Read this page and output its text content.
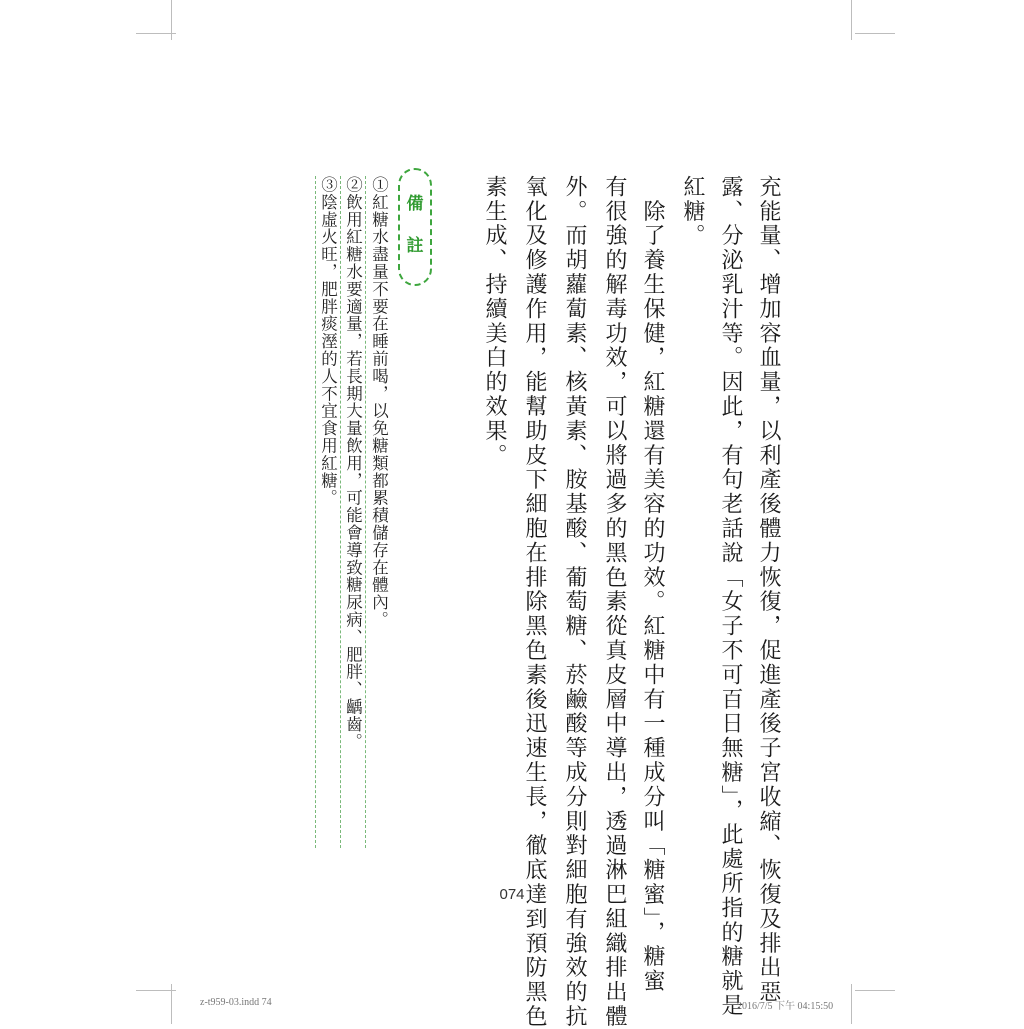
充能量、增加容血量，以利產後體力恢復，促進產後子宮收縮、恢復及排出惡
露、分泌乳汁等。因此，有句老話說「女子不可百日無糖」，此處所指的糖就是
紅糖。
　除了養生保健，紅糖還有美容的功效。紅糖中有一種成分叫「糖蜜」，糖蜜
有很強的解毒功效，可以將過多的黑色素從真皮層中導出，透過淋巴組織排出體
外。而胡蘿蔔素、核黃素、胺基酸、葡萄糖、菸鹼酸等成分則對細胞有強效的抗
氧化及修護作用，能幫助皮下細胞在排除黑色素後迅速生長，徹底達到預防黑色
素生成、持續美白的效果。
備
註
①紅糖水盡量不要在睡前喝，以免糖類都累積儲存在體內。
②飲用紅糖水要適量，若長期大量飲用，可能會導致糖尿病、肥胖、齲齒。
③陰虛火旺，肥胖痰溼的人不宜食用紅糖。
074
z-t959-03.indd 74	2016/7/5 下午 04:15:50
